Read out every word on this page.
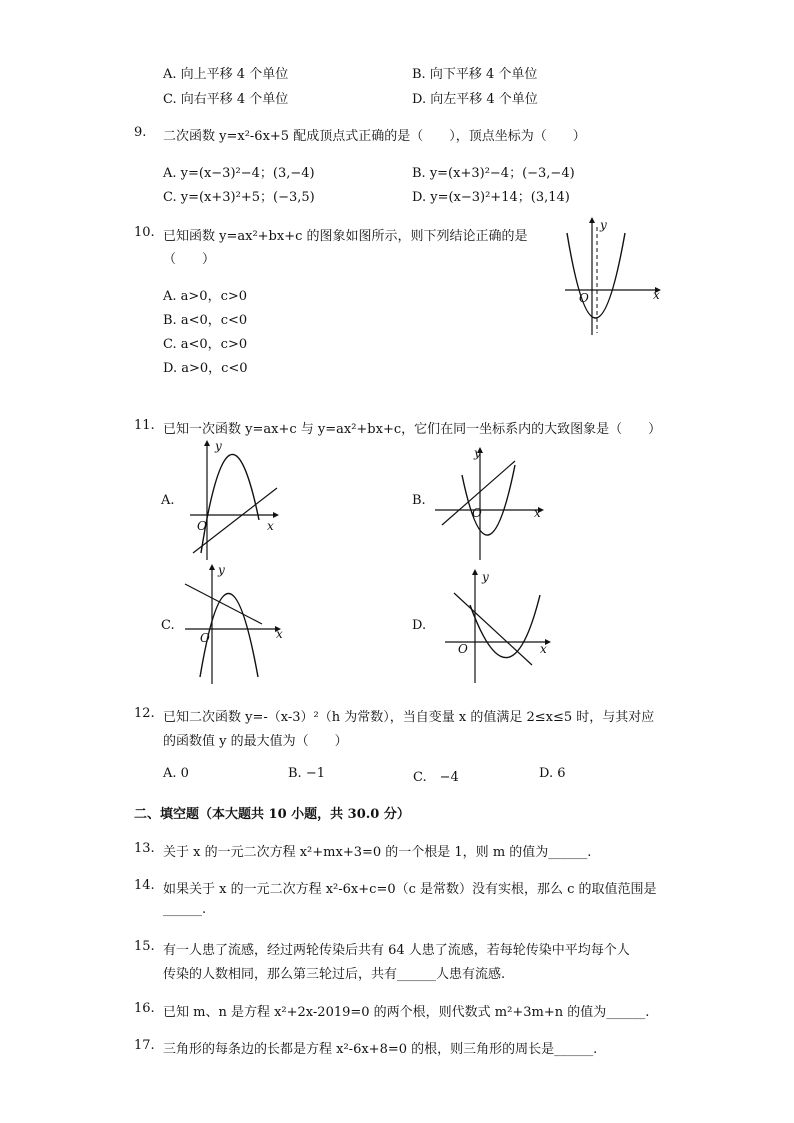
A. 向上平移 4 个单位	B. 向下平移 4 个单位
C. 向右平移 4 个单位	D. 向左平移 4 个单位
9. 二次函数 y=x²-6x+5 配成顶点式正确的是（　　），顶点坐标为（　　）
A. y=(x−3)²−4；(3,−4)	B. y=(x+3)²−4；(−3,−4)
C. y=(x+3)²+5；(−3,5)	D. y=(x−3)²+14；(3,14)
10. 已知函数 y=ax²+bx+c 的图象如图所示，则下列结论正确的是
（　　）
A. a>0，c>0
B. a<0，c<0
C. a<0，c>0
D. a>0，c<0
y
x
O
11. 已知一次函数 y=ax+c 与 y=ax²+bx+c，它们在同一坐标系内的大致图象是（　　）
A.
y
x
O
B.
y
x
O
C.
y
x
O
D.
y
x
O
12. 已知二次函数 y=-（x-3）²（h 为常数），当自变量 x 的值满足 2≤x≤5 时，与其对应
的函数值 y 的最大值为（　　）
A. 0	B. −1	C.　−4	D. 6
二、填空题（本大题共 10 小题，共 30.0 分）
13. 关于 x 的一元二次方程 x²+mx+3=0 的一个根是 1，则 m 的值为______.
14. 如果关于 x 的一元二次方程 x²-6x+c=0（c 是常数）没有实根，那么 c 的取值范围是
______.
15. 有一人患了流感，经过两轮传染后共有 64 人患了流感，若每轮传染中平均每个人
传染的人数相同，那么第三轮过后，共有______人患有流感.
16. 已知 m、n 是方程 x²+2x-2019=0 的两个根，则代数式 m²+3m+n 的值为______.
17. 三角形的每条边的长都是方程 x²-6x+8=0 的根，则三角形的周长是______.
